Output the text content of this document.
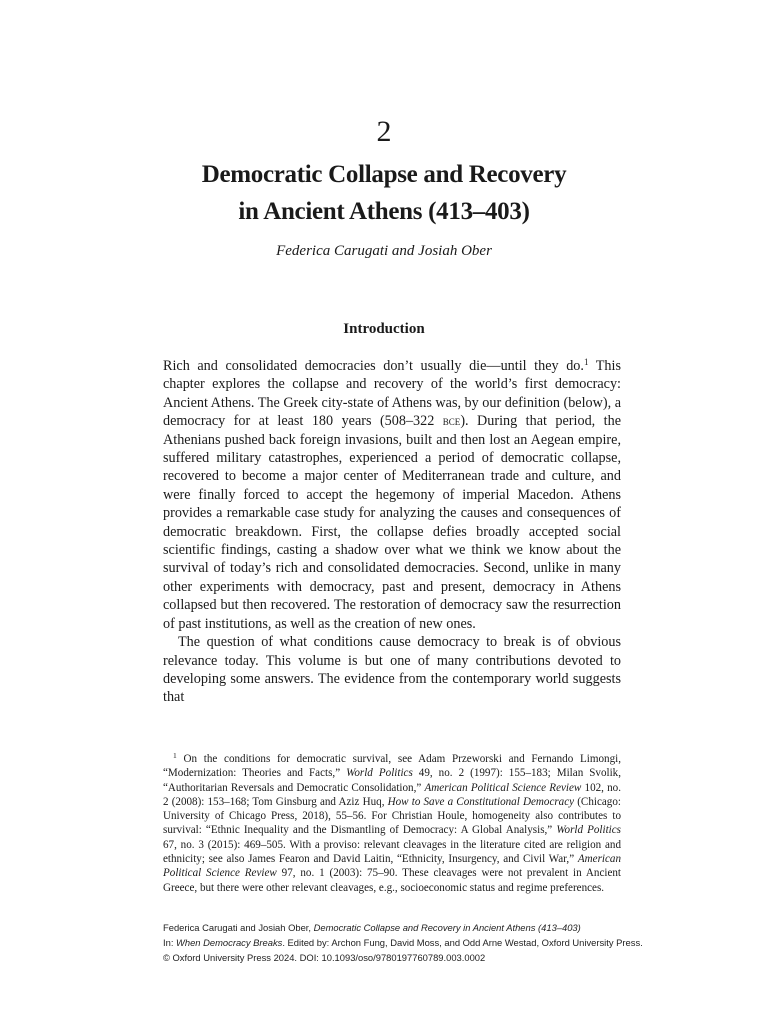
2
Democratic Collapse and Recovery
in Ancient Athens (413–403)
Federica Carugati and Josiah Ober
Introduction

Rich and consolidated democracies don’t usually die—until they do.$^1$ This chapter explores the collapse and recovery of the world’s first democracy: Ancient Athens. The Greek city-state of Athens was, by our definition (below), a democracy for at least 180 years (508–322 bce). During that period, the Athenians pushed back foreign invasions, built and then lost an Aegean empire, suffered military catastrophes, experienced a period of democratic collapse, recovered to become a major center of Mediterranean trade and culture, and were finally forced to accept the hegemony of imperial Macedon. Athens provides a remarkable case study for analyzing the causes and consequences of democratic breakdown. First, the collapse defies broadly accepted social scientific findings, casting a shadow over what we think we know about the survival of today’s rich and consolidated democracies. Second, unlike in many other experiments with democracy, past and present, democracy in Athens collapsed but then recovered. The restoration of democracy saw the resurrection of past institutions, as well as the creation of new ones.

The question of what conditions cause democracy to break is of obvious relevance today. This volume is but one of many contributions devoted to developing some answers. The evidence from the contemporary world suggests that

$^1$ On the conditions for democratic survival, see Adam Przeworski and Fernando Limongi, “Modernization: Theories and Facts,” World Politics 49, no. 2 (1997): 155–183; Milan Svolik, “Authoritarian Reversals and Democratic Consolidation,” American Political Science Review 102, no. 2 (2008): 153–168; Tom Ginsburg and Aziz Huq, How to Save a Constitutional Democracy (Chicago: University of Chicago Press, 2018), 55–56. For Christian Houle, homogeneity also contributes to survival: “Ethnic Inequality and the Dismantling of Democracy: A Global Analysis,” World Politics 67, no. 3 (2015): 469–505. With a proviso: relevant cleavages in the literature cited are religion and ethnicity; see also James Fearon and David Laitin, “Ethnicity, Insurgency, and Civil War,” American Political Science Review 97, no. 1 (2003): 75–90. These cleavages were not prevalent in Ancient Greece, but there were other relevant cleavages, e.g., socioeconomic status and regime preferences.
Federica Carugati and Josiah Ober, Democratic Collapse and Recovery in Ancient Athens (413–403)
In: When Democracy Breaks. Edited by: Archon Fung, David Moss, and Odd Arne Westad, Oxford University Press.
© Oxford University Press 2024. DOI: 10.1093/oso/9780197760789.003.0002
